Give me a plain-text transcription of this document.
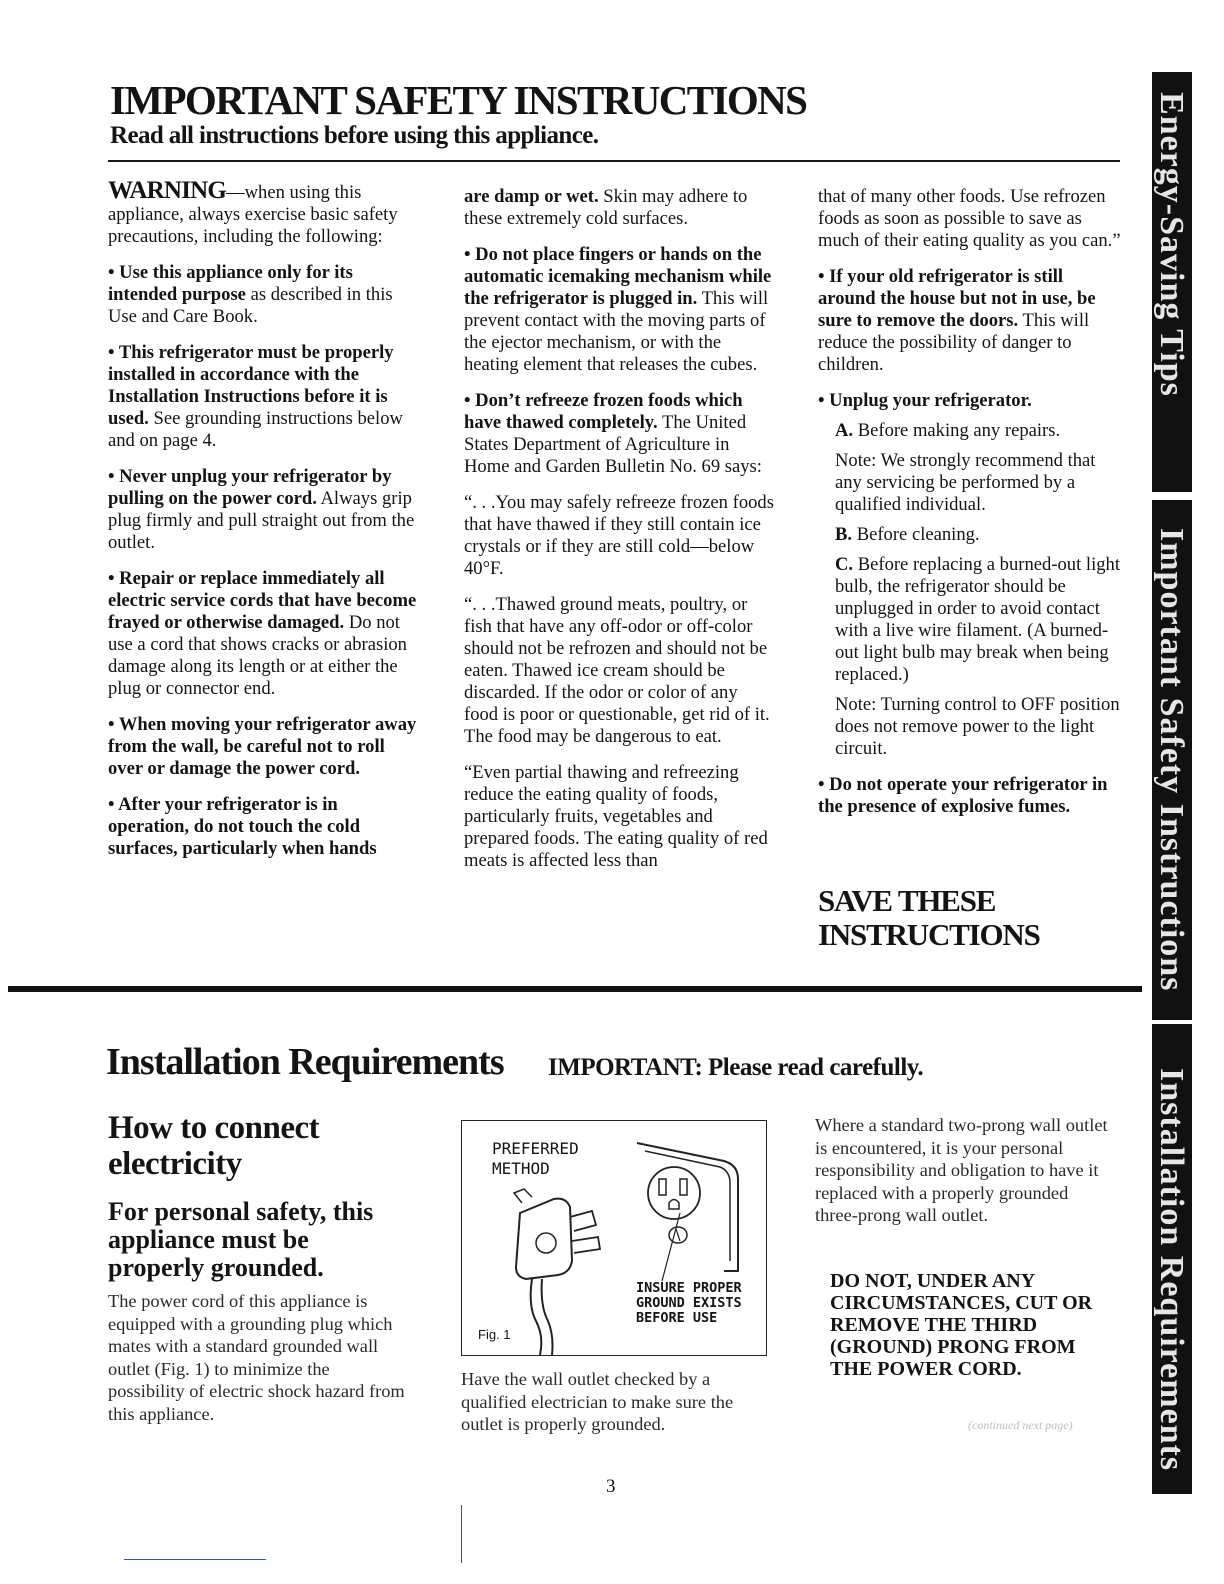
IMPORTANT SAFETY INSTRUCTIONS
Read all instructions before using this appliance.

WARNING—when using this appliance, always exercise basic safety precautions, including the following:

• Use this appliance only for its intended purpose as described in this Use and Care Book.

• This refrigerator must be properly installed in accordance with the Installation Instructions before it is used. See grounding instructions below and on page 4.

• Never unplug your refrigerator by pulling on the power cord. Always grip plug firmly and pull straight out from the outlet.

• Repair or replace immediately all electric service cords that have become frayed or otherwise damaged. Do not use a cord that shows cracks or abrasion damage along its length or at either the plug or connector end.

• When moving your refrigerator away from the wall, be careful not to roll over or damage the power cord.

• After your refrigerator is in operation, do not touch the cold surfaces, particularly when hands

are damp or wet. Skin may adhere to these extremely cold surfaces.

• Do not place fingers or hands on the automatic icemaking mechanism while the refrigerator is plugged in. This will prevent contact with the moving parts of the ejector mechanism, or with the heating element that releases the cubes.

• Don’t refreeze frozen foods which have thawed completely. The United States Department of Agriculture in Home and Garden Bulletin No. 69 says:

“. . .You may safely refreeze frozen foods that have thawed if they still contain ice crystals or if they are still cold—below 40°F.

“. . .Thawed ground meats, poultry, or fish that have any off-odor or off-color should not be refrozen and should not be eaten. Thawed ice cream should be discarded. If the odor or color of any food is poor or questionable, get rid of it. The food may be dangerous to eat.

“Even partial thawing and refreezing reduce the eating quality of foods, particularly fruits, vegetables and prepared foods. The eating quality of red meats is affected less than

that of many other foods. Use refrozen foods as soon as possible to save as much of their eating quality as you can.”

• If your old refrigerator is still around the house but not in use, be sure to remove the doors. This will reduce the possibility of danger to children.

• Unplug your refrigerator.

A. Before making any repairs.

Note: We strongly recommend that any servicing be performed by a qualified individual.

B. Before cleaning.

C. Before replacing a burned-out light bulb, the refrigerator should be unplugged in order to avoid contact with a live wire filament. (A burned-out light bulb may break when being replaced.)

Note: Turning control to OFF position does not remove power to the light circuit.

• Do not operate your refrigerator in the presence of explosive fumes.

SAVE THESE
INSTRUCTIONS
Installation Requirements IMPORTANT: Please read carefully.
How to connect electricity
For personal safety, this appliance must be properly grounded.
The power cord of this appliance is equipped with a grounding plug which mates with a standard grounded wall outlet (Fig. 1) to minimize the possibility of electric shock hazard from this appliance.
PREFERRED
METHOD
INSURE PROPER
GROUND EXISTS
BEFORE USE
Fig. 1
Have the wall outlet checked by a qualified electrician to make sure the outlet is properly grounded.
Where a standard two-prong wall outlet is encountered, it is your personal responsibility and obligation to have it replaced with a properly grounded three-prong wall outlet.
DO NOT, UNDER ANY CIRCUMSTANCES, CUT OR REMOVE THE THIRD (GROUND) PRONG FROM THE POWER CORD.
(continued next page)
3
Energy-Saving Tips
Important Safety Instructions
Installation Requirements
